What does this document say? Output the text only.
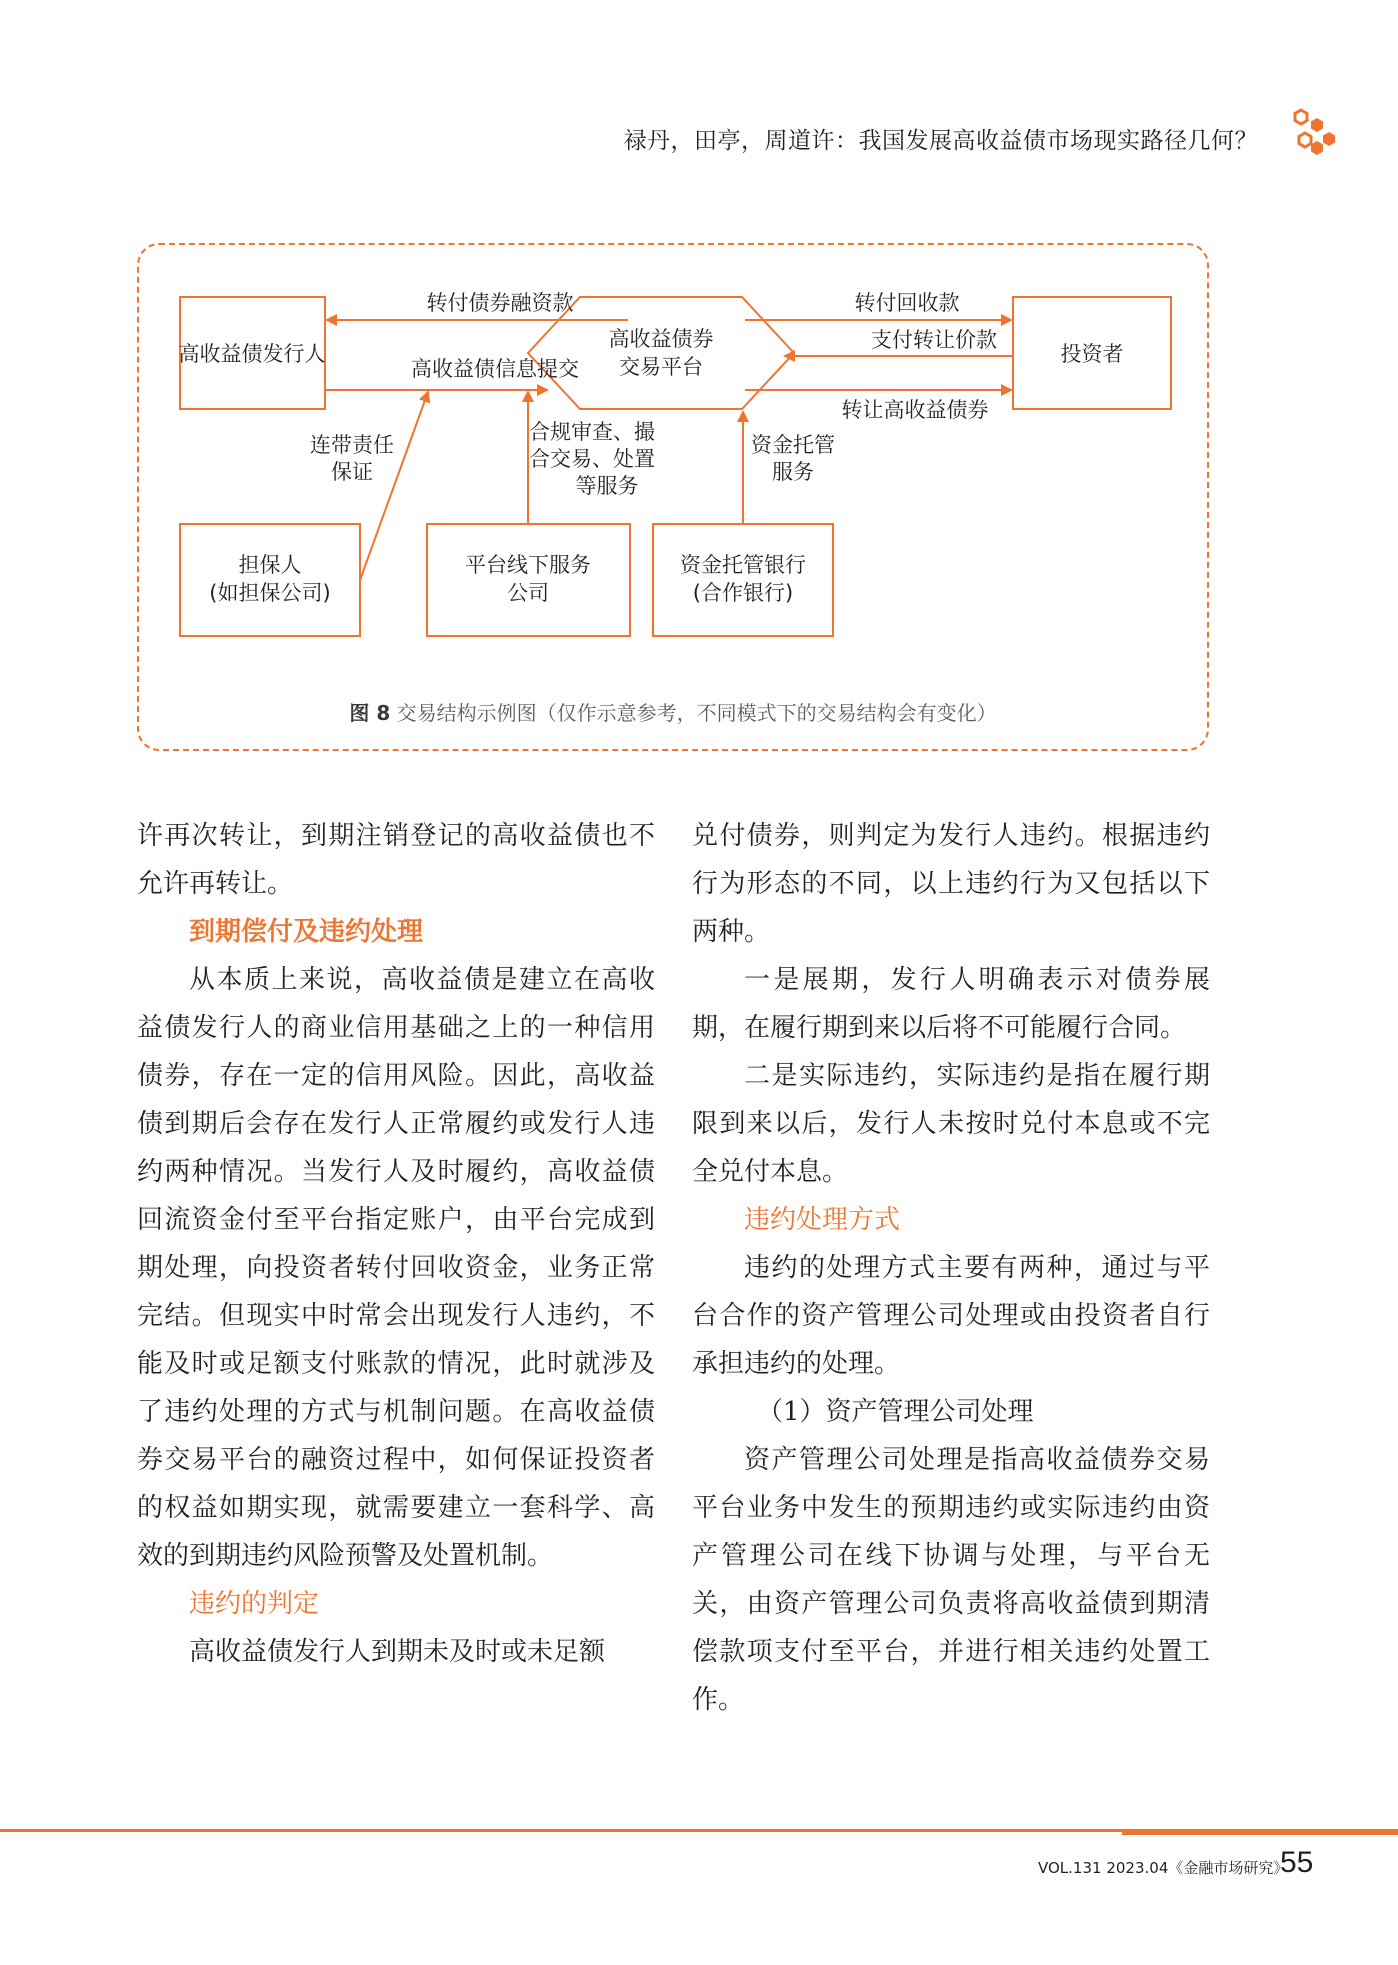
禄丹，田亭，周道许：我国发展高收益债市场现实路径几何？
高收益债发行人
高收益债券
交易平台
投资者
担保人
(如担保公司)
平台线下服务
公司
资金托管银行
(合作银行)
转付债券融资款
高收益债信息提交
转付回收款
支付转让价款
转让高收益债券
连带责任
保证
合规审查、撮
合交易、处置
等服务
资金托管
服务
图 8 交易结构示例图（仅作示意参考，不同模式下的交易结构会有变化）

许再次转让，到期注销登记的高收益债也不允许再转让。

到期偿付及违约处理

从本质上来说，高收益债是建立在高收益债发行人的商业信用基础之上的一种信用债券，存在一定的信用风险。因此，高收益债到期后会存在发行人正常履约或发行人违约两种情况。当发行人及时履约，高收益债回流资金付至平台指定账户，由平台完成到期处理，向投资者转付回收资金，业务正常完结。但现实中时常会出现发行人违约，不能及时或足额支付账款的情况，此时就涉及了违约处理的方式与机制问题。在高收益债券交易平台的融资过程中，如何保证投资者的权益如期实现，就需要建立一套科学、高效的到期违约风险预警及处置机制。

违约的判定

高收益债发行人到期未及时或未足额

兑付债券，则判定为发行人违约。根据违约行为形态的不同，以上违约行为又包括以下两种。

一是展期，发行人明确表示对债券展期，在履行期到来以后将不可能履行合同。

二是实际违约，实际违约是指在履行期限到来以后，发行人未按时兑付本息或不完全兑付本息。

违约处理方式

违约的处理方式主要有两种，通过与平台合作的资产管理公司处理或由投资者自行承担违约的处理。

（1）资产管理公司处理

资产管理公司处理是指高收益债券交易平台业务中发生的预期违约或实际违约由资产管理公司在线下协调与处理，与平台无关，由资产管理公司负责将高收益债到期清偿款项支付至平台，并进行相关违约处置工作。

VOL.131 2023.04《金融市场研究》
55
